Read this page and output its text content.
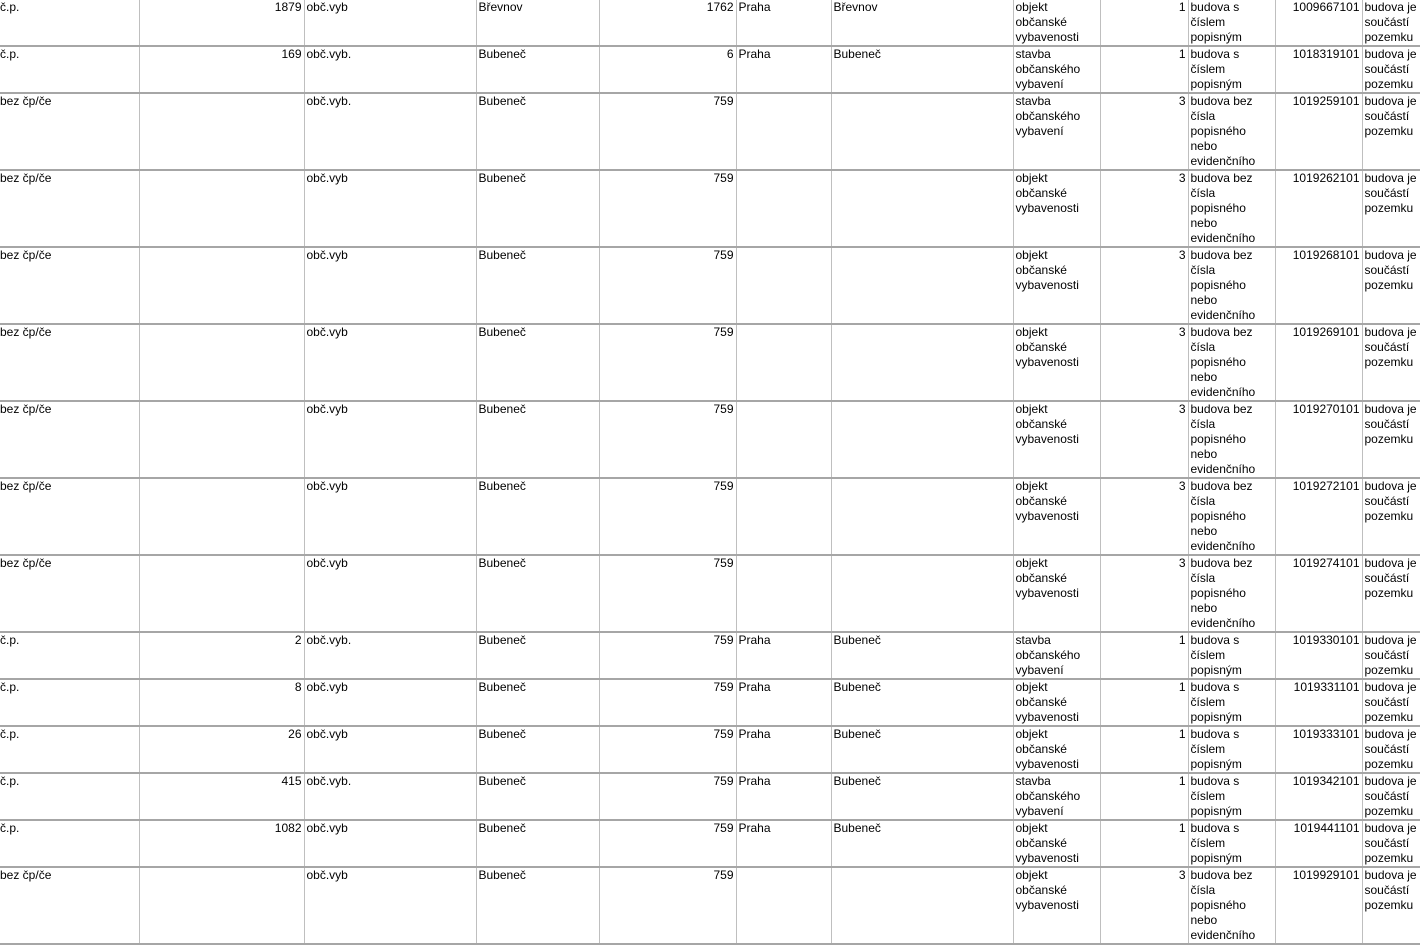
č.p.	1879	obč.vyb	Břevnov	1762	Praha	Břevnov	objekt občanské vybavenosti	1	budova s číslem popisným	1009667101	budova je součástí pozemku
č.p.	169	obč.vyb.	Bubeneč	6	Praha	Bubeneč	stavba občanského vybavení	1	budova s číslem popisným	1018319101	budova je součástí pozemku
bez čp/če		obč.vyb.	Bubeneč	759			stavba občanského vybavení	3	budova bez čísla popisného nebo evidenčního	1019259101	budova je součástí pozemku
bez čp/če		obč.vyb	Bubeneč	759			objekt občanské vybavenosti	3	budova bez čísla popisného nebo evidenčního	1019262101	budova je součástí pozemku
bez čp/če		obč.vyb	Bubeneč	759			objekt občanské vybavenosti	3	budova bez čísla popisného nebo evidenčního	1019268101	budova je součástí pozemku
bez čp/če		obč.vyb	Bubeneč	759			objekt občanské vybavenosti	3	budova bez čísla popisného nebo evidenčního	1019269101	budova je součástí pozemku
bez čp/če		obč.vyb	Bubeneč	759			objekt občanské vybavenosti	3	budova bez čísla popisného nebo evidenčního	1019270101	budova je součástí pozemku
bez čp/če		obč.vyb	Bubeneč	759			objekt občanské vybavenosti	3	budova bez čísla popisného nebo evidenčního	1019272101	budova je součástí pozemku
bez čp/če		obč.vyb	Bubeneč	759			objekt občanské vybavenosti	3	budova bez čísla popisného nebo evidenčního	1019274101	budova je součástí pozemku
č.p.	2	obč.vyb.	Bubeneč	759	Praha	Bubeneč	stavba občanského vybavení	1	budova s číslem popisným	1019330101	budova je součástí pozemku
č.p.	8	obč.vyb	Bubeneč	759	Praha	Bubeneč	objekt občanské vybavenosti	1	budova s číslem popisným	1019331101	budova je součástí pozemku
č.p.	26	obč.vyb	Bubeneč	759	Praha	Bubeneč	objekt občanské vybavenosti	1	budova s číslem popisným	1019333101	budova je součástí pozemku
č.p.	415	obč.vyb.	Bubeneč	759	Praha	Bubeneč	stavba občanského vybavení	1	budova s číslem popisným	1019342101	budova je součástí pozemku
č.p.	1082	obč.vyb	Bubeneč	759	Praha	Bubeneč	objekt občanské vybavenosti	1	budova s číslem popisným	1019441101	budova je součástí pozemku
bez čp/če		obč.vyb	Bubeneč	759			objekt občanské vybavenosti	3	budova bez čísla popisného nebo evidenčního	1019929101	budova je součástí pozemku
